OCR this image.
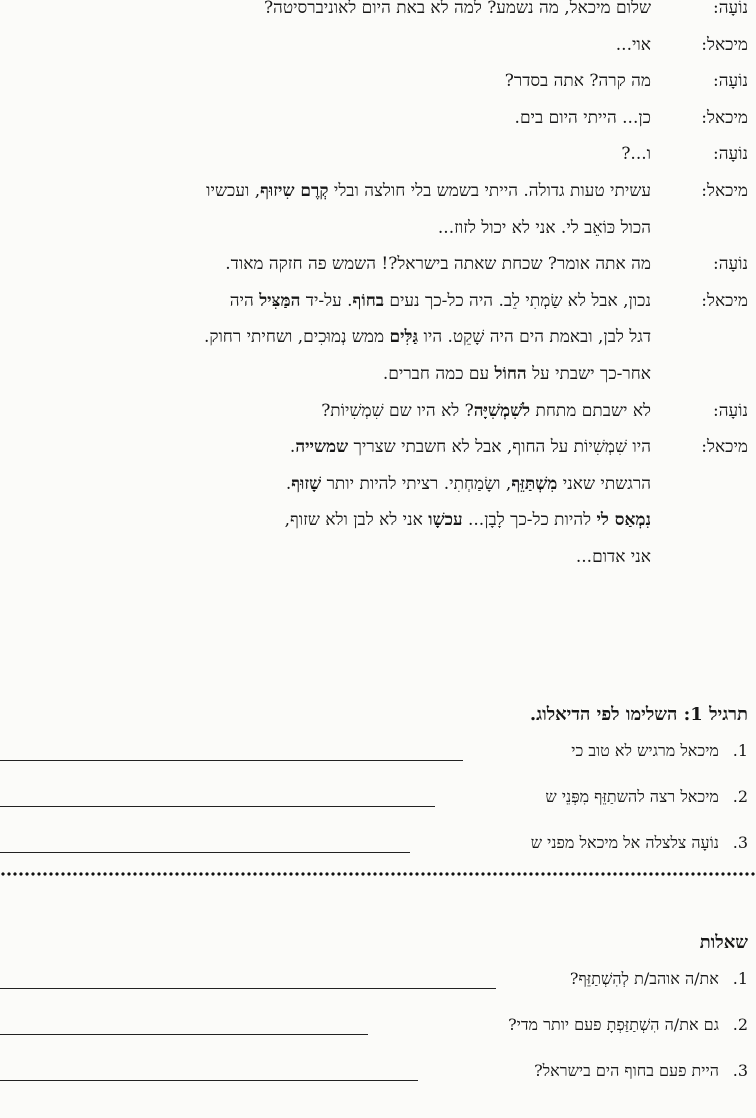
נוֹעָה:
שלום מיכאל, מה נשמע? למה לא באת היום לאוניברסיטה?
מיכאל:
אוי...
נוֹעָה:
מה קרה? אתה בסדר?
מיכאל:
כן... הייתי היום בים.
נוֹעָה:
ו...?
מיכאל:
עשיתי טעות גדולה. הייתי בשמש בלי חולצה ובלי קְרֶם שִיזוּף, ועכשיו
הכול כּוֹאֵב לי. אני לא יכול לזוז...
נוֹעָה:
מה אתה אומר? שכחת שאתה בישראל?! השמש פה חזקה מאוד.
מיכאל:
נכון, אבל לא שַׂמְתִי לֵב. היה כל-כך נעים בחוֹף. על-יד המַּצִּיל היה
דגל לבן, ובאמת הים היה שָׁקֵט. היו גַּלִּים ממש נְמוּכִים, ושחיתי רחוק.
אחר-כך ישבתי על החוֹל עם כמה חברים.
נוֹעָה:
לא ישבתם מתחת לשִׁמְשִׁיָּה? לא היו שם שִׁמְשִׁיוֹת?
מיכאל:
היו שִׁמְשִׁיוֹת על החוף, אבל לא חשבתי שצריך שמשייה.
הרגשתי שאני מִשְׁתַּזֵּף, ושָׂמַחְתִי. רציתי להיות יותר שָׁזוּף.
נִמְאַס לי להיות כל-כך לָבָן... עכשָׁו אני לא לבן ולא שזוף,
אני אדום...
תרגיל 1: השלימו לפי הדיאלוג.
1. מיכאל מרגיש לא טוב כי
2. מיכאל רצה להשתַזֵּף מִפְּנֵי ש
3. נוֹעָה צלצלה אל מיכאל מפני ש
שאלות
1. את/ה אוהב/ת לְהִשְׁתַזֵּף?
2. גם את/ה הִשְׁתַזַּפְתָ פעם יותר מדי?
3. היית פעם בחוף הים בישראל?
